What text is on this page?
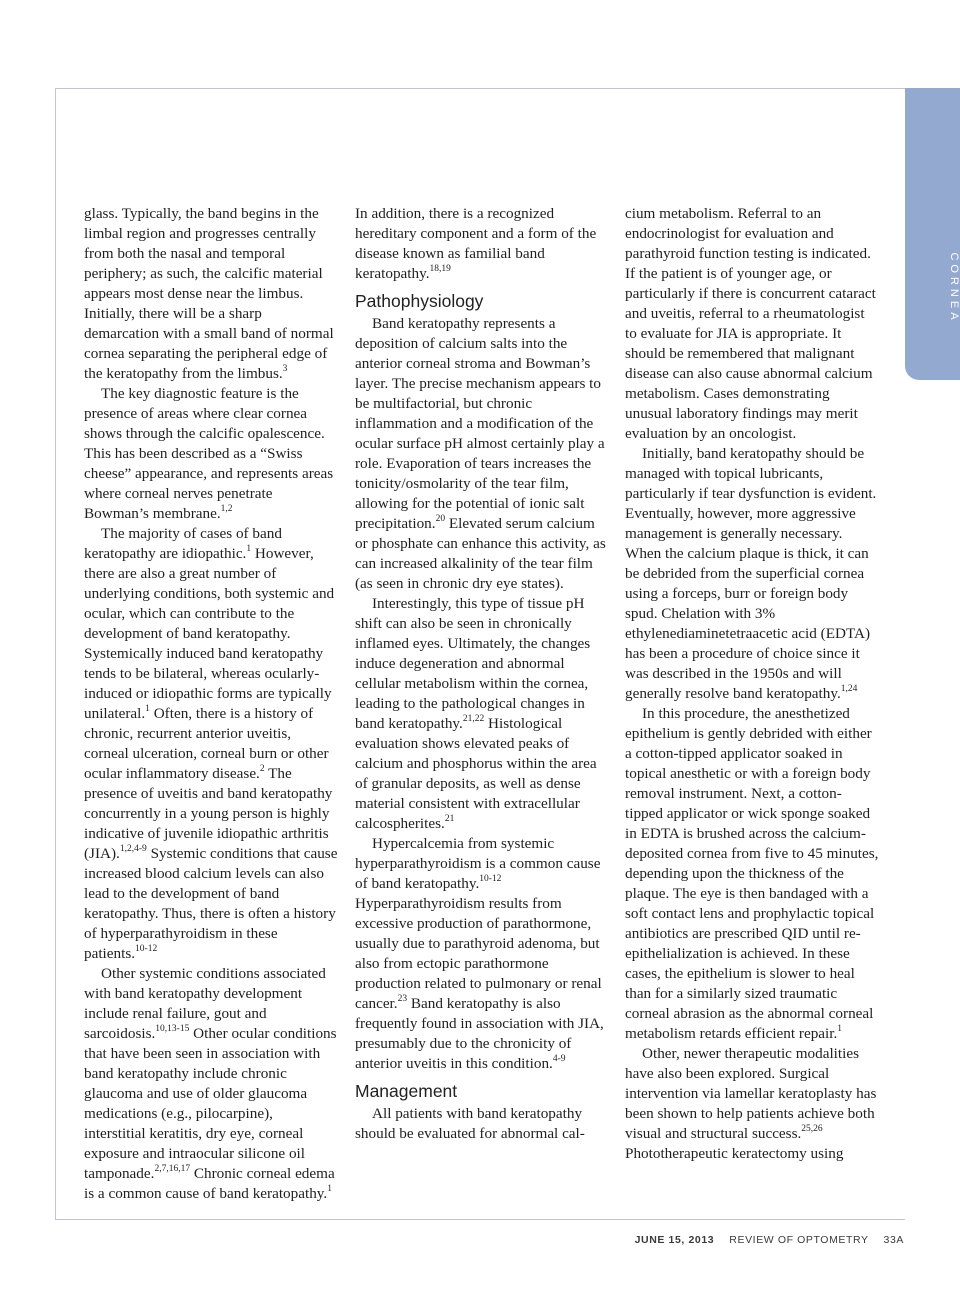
CORNEA

glass. Typically, the band begins in the limbal region and progresses centrally from both the nasal and temporal periphery; as such, the calcific material appears most dense near the limbus. Initially, there will be a sharp demarcation with a small band of normal cornea separating the peripheral edge of the keratopathy from the limbus.$^3$

The key diagnostic feature is the presence of areas where clear cornea shows through the calcific opalescence. This has been described as a “Swiss cheese” appearance, and represents areas where corneal nerves penetrate Bowman’s membrane.$^{1,2}$

The majority of cases of band keratopathy are idiopathic.$^1$ However, there are also a great number of underlying conditions, both systemic and ocular, which can contribute to the development of band keratopathy. Systemically induced band keratopathy tends to be bilateral, whereas ocularly-induced or idiopathic forms are typically unilateral.$^1$ Often, there is a history of chronic, recurrent anterior uveitis, corneal ulceration, corneal burn or other ocular inflammatory disease.$^2$ The presence of uveitis and band keratopathy concurrently in a young person is highly indicative of juvenile idiopathic arthritis (JIA).$^{1,2,4-9}$ Systemic conditions that cause increased blood calcium levels can also lead to the development of band keratopathy. Thus, there is often a history of hyperparathyroidism in these patients.$^{10-12}$

Other systemic conditions associated with band keratopathy development include renal failure, gout and sarcoidosis.$^{10,13-15}$ Other ocular conditions that have been seen in association with band keratopathy include chronic glaucoma and use of older glaucoma medications (e.g., pilocarpine), interstitial keratitis, dry eye, corneal exposure and intraocular silicone oil tamponade.$^{2,7,16,17}$ Chronic corneal edema is a common cause of band keratopathy.$^1$

In addition, there is a recognized hereditary component and a form of the disease known as familial band keratopathy.$^{18,19}$

Pathophysiology

Band keratopathy represents a deposition of calcium salts into the anterior corneal stroma and Bowman’s layer. The precise mechanism appears to be multifactorial, but chronic inflammation and a modification of the ocular surface pH almost certainly play a role. Evaporation of tears increases the tonicity/osmolarity of the tear film, allowing for the potential of ionic salt precipitation.$^{20}$ Elevated serum calcium or phosphate can enhance this activity, as can increased alkalinity of the tear film (as seen in chronic dry eye states).

Interestingly, this type of tissue pH shift can also be seen in chronically inflamed eyes. Ultimately, the changes induce degeneration and abnormal cellular metabolism within the cornea, leading to the pathological changes in band keratopathy.$^{21,22}$ Histological evaluation shows elevated peaks of calcium and phosphorus within the area of granular deposits, as well as dense material consistent with extracellular calcospherites.$^{21}$

Hypercalcemia from systemic hyperparathyroidism is a common cause of band keratopathy.$^{10-12}$ Hyperparathyroidism results from excessive production of parathormone, usually due to parathyroid adenoma, but also from ectopic parathormone production related to pulmonary or renal cancer.$^{23}$ Band keratopathy is also frequently found in association with JIA, presumably due to the chronicity of anterior uveitis in this condition.$^{4-9}$

Management

All patients with band keratopathy should be evaluated for abnormal cal-

cium metabolism. Referral to an endocrinologist for evaluation and parathyroid function testing is indicated. If the patient is of younger age, or particularly if there is concurrent cataract and uveitis, referral to a rheumatologist to evaluate for JIA is appropriate. It should be remembered that malignant disease can also cause abnormal calcium metabolism. Cases demonstrating unusual laboratory findings may merit evaluation by an oncologist.

Initially, band keratopathy should be managed with topical lubricants, particularly if tear dysfunction is evident. Eventually, however, more aggressive management is generally necessary. When the calcium plaque is thick, it can be debrided from the superficial cornea using a forceps, burr or foreign body spud. Chelation with 3% ethylenediaminetetraacetic acid (EDTA) has been a procedure of choice since it was described in the 1950s and will generally resolve band keratopathy.$^{1,24}$

In this procedure, the anesthetized epithelium is gently debrided with either a cotton-tipped applicator soaked in topical anesthetic or with a foreign body removal instrument. Next, a cotton-tipped applicator or wick sponge soaked in EDTA is brushed across the calcium-deposited cornea from five to 45 minutes, depending upon the thickness of the plaque. The eye is then bandaged with a soft contact lens and prophylactic topical antibiotics are prescribed QID until re-epithelialization is achieved. In these cases, the epithelium is slower to heal than for a similarly sized traumatic corneal abrasion as the abnormal corneal metabolism retards efficient repair.$^1$

Other, newer therapeutic modalities have also been explored. Surgical intervention via lamellar keratoplasty has been shown to help patients achieve both visual and structural success.$^{25,26}$ Phototherapeutic keratectomy using

JUNE 15, 2013 REVIEW OF OPTOMETRY 33A
